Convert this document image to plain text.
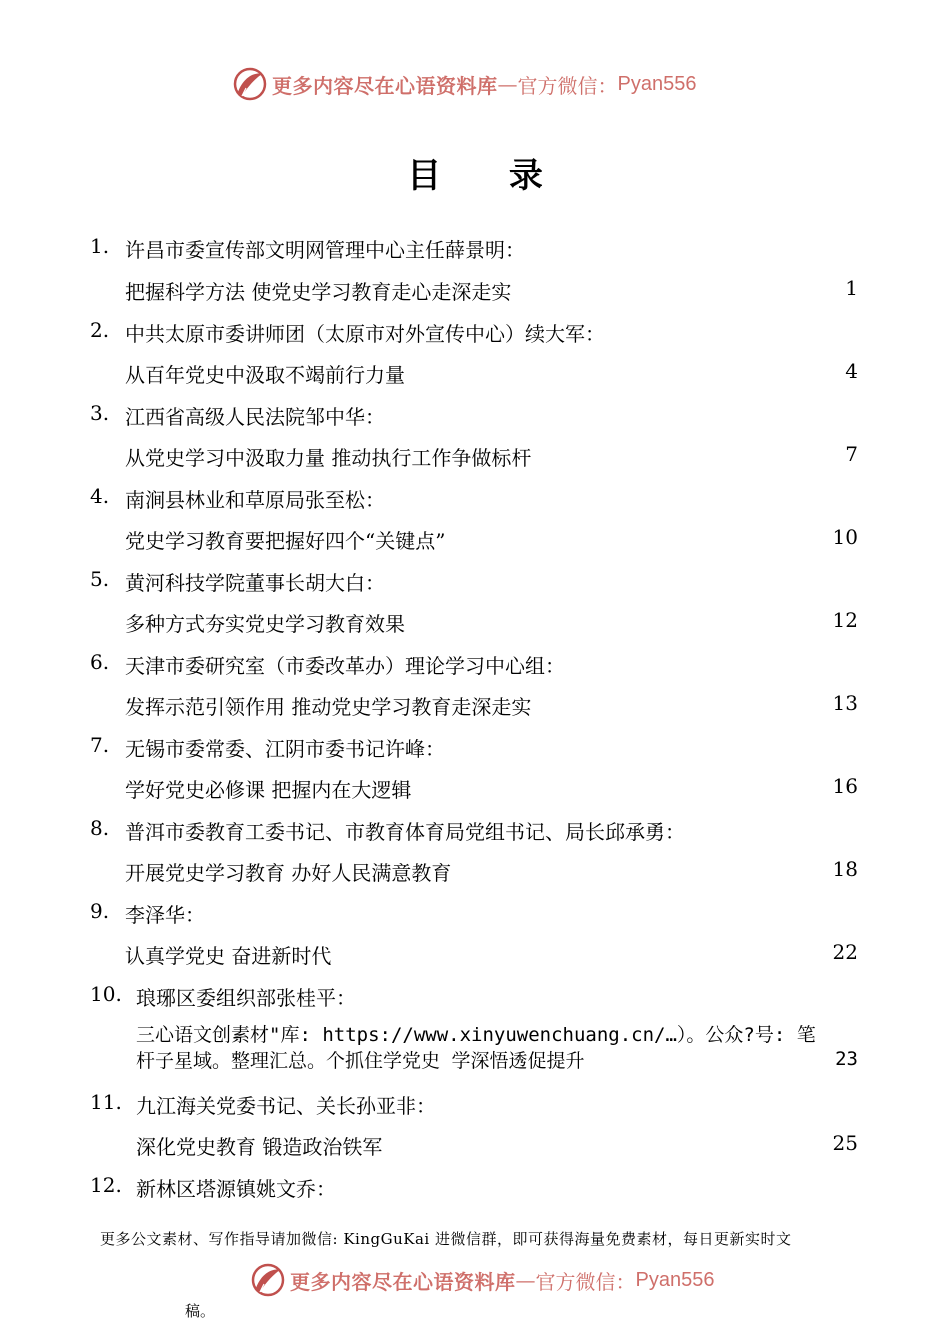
更多内容尽在心语资料库 — 官方微信： Pyan556
目 录
1. 许昌市委宣传部文明网管理中心主任薛景明：
把握科学方法 使党史学习教育走心走深走实	1
2. 中共太原市委讲师团（太原市对外宣传中心）续大军：
从百年党史中汲取不竭前行力量	4
3. 江西省高级人民法院邹中华：
从党史学习中汲取力量 推动执行工作争做标杆	7
4. 南涧县林业和草原局张至松：
党史学习教育要把握好四个“关键点”	10
5. 黄河科技学院董事长胡大白：
多种方式夯实党史学习教育效果	12
6. 天津市委研究室（市委改革办）理论学习中心组：
发挥示范引领作用 推动党史学习教育走深走实	13
7. 无锡市委常委、江阴市委书记许峰：
学好党史必修课 把握内在大逻辑	16
8. 普洱市委教育工委书记、市教育体育局党组书记、局长邱承勇：
开展党史学习教育 办好人民满意教育	18
9. 李泽华：
认真学党史 奋进新时代	22
10. 琅琊区委组织部张桂平：
三心语文创素材"库: https://www.xinyuwenchuang.cn/…）。公众?号: 笔
杆子星域。整理汇总。个抓住学党史 学深悟透促提升	23
11. 九江海关党委书记、关长孙亚非：
深化党史教育 锻造政治铁军	25
12. 新林区塔源镇姚文乔：
更多公文素材、写作指导请加微信: KingGuKai 进微信群，即可获得海量免费素材，每日更新实时文
更多内容尽在心语资料库 — 官方微信： Pyan556
稿。
